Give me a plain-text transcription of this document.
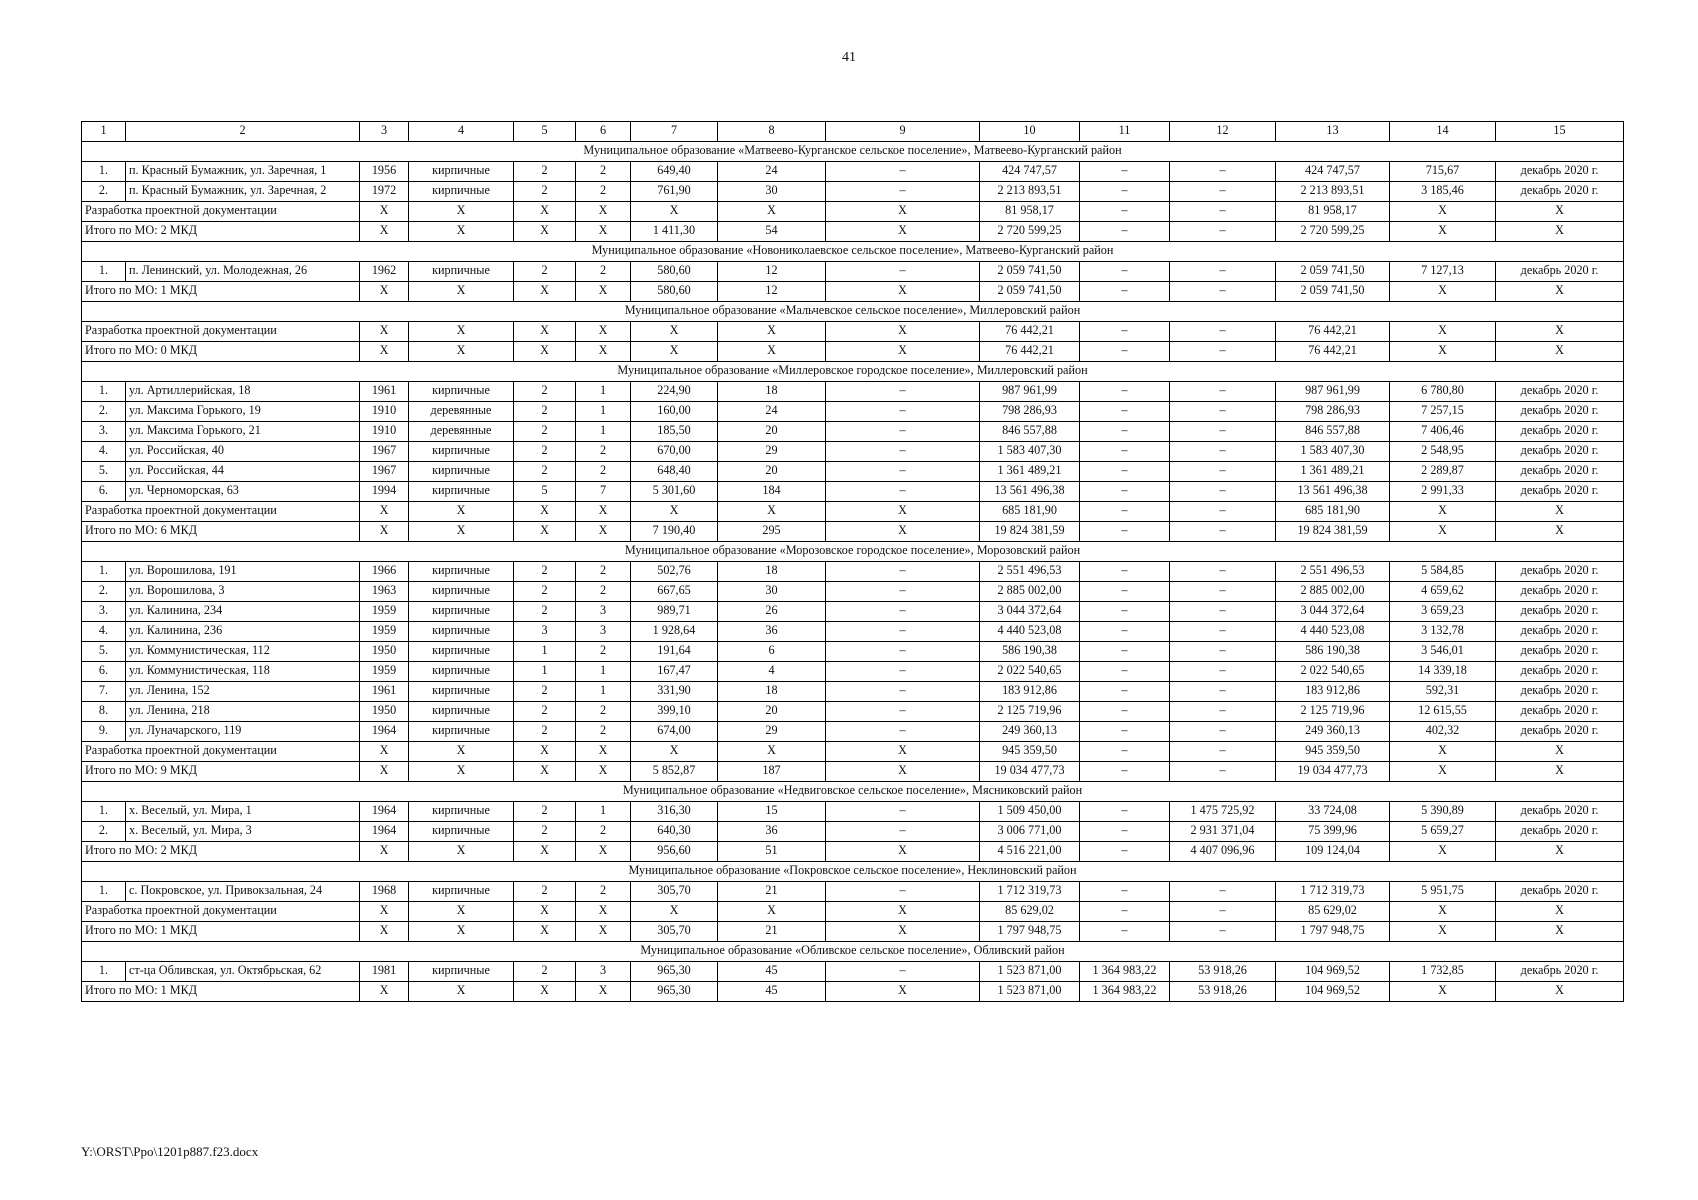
41
1	2	3	4	5	6	7	8	9	10	11	12	13	14	15
Муниципальное образование «Матвеево-Курганское сельское поселение», Матвеево-Курганский район														
1.	п. Красный Бумажник, ул. Заречная, 1	1956	кирпичные	2	2	649,40	24	–	424 747,57	–	–	424 747,57	715,67	декабрь 2020 г.
2.	п. Красный Бумажник, ул. Заречная, 2	1972	кирпичные	2	2	761,90	30	–	2 213 893,51	–	–	2 213 893,51	3 185,46	декабрь 2020 г.
Разработка проектной документации		X	X	X	X	X	X	X	81 958,17	–	–	81 958,17	X	X
Итого по МО: 2 МКД		X	X	X	X	1 411,30	54	X	2 720 599,25	–	–	2 720 599,25	X	X
Муниципальное образование «Новониколаевское сельское поселение», Матвеево-Курганский район														
1.	п. Ленинский, ул. Молодежная, 26	1962	кирпичные	2	2	580,60	12	–	2 059 741,50	–	–	2 059 741,50	7 127,13	декабрь 2020 г.
Итого по МО: 1 МКД		X	X	X	X	580,60	12	X	2 059 741,50	–	–	2 059 741,50	X	X
Муниципальное образование «Мальчевское сельское поселение», Миллеровский район														
Разработка проектной документации		X	X	X	X	X	X	X	76 442,21	–	–	76 442,21	X	X
Итого по МО: 0 МКД		X	X	X	X	X	X	X	76 442,21	–	–	76 442,21	X	X
Муниципальное образование «Миллеровское городское поселение», Миллеровский район														
1.	ул. Артиллерийская, 18	1961	кирпичные	2	1	224,90	18	–	987 961,99	–	–	987 961,99	6 780,80	декабрь 2020 г.
2.	ул. Максима Горького, 19	1910	деревянные	2	1	160,00	24	–	798 286,93	–	–	798 286,93	7 257,15	декабрь 2020 г.
3.	ул. Максима Горького, 21	1910	деревянные	2	1	185,50	20	–	846 557,88	–	–	846 557,88	7 406,46	декабрь 2020 г.
4.	ул. Российская, 40	1967	кирпичные	2	2	670,00	29	–	1 583 407,30	–	–	1 583 407,30	2 548,95	декабрь 2020 г.
5.	ул. Российская, 44	1967	кирпичные	2	2	648,40	20	–	1 361 489,21	–	–	1 361 489,21	2 289,87	декабрь 2020 г.
6.	ул. Черноморская, 63	1994	кирпичные	5	7	5 301,60	184	–	13 561 496,38	–	–	13 561 496,38	2 991,33	декабрь 2020 г.
Разработка проектной документации		X	X	X	X	X	X	X	685 181,90	–	–	685 181,90	X	X
Итого по МО: 6 МКД		X	X	X	X	7 190,40	295	X	19 824 381,59	–	–	19 824 381,59	X	X
Муниципальное образование «Морозовское городское поселение», Морозовский район														
1.	ул. Ворошилова, 191	1966	кирпичные	2	2	502,76	18	–	2 551 496,53	–	–	2 551 496,53	5 584,85	декабрь 2020 г.
2.	ул. Ворошилова, 3	1963	кирпичные	2	2	667,65	30	–	2 885 002,00	–	–	2 885 002,00	4 659,62	декабрь 2020 г.
3.	ул. Калинина, 234	1959	кирпичные	2	3	989,71	26	–	3 044 372,64	–	–	3 044 372,64	3 659,23	декабрь 2020 г.
4.	ул. Калинина, 236	1959	кирпичные	3	3	1 928,64	36	–	4 440 523,08	–	–	4 440 523,08	3 132,78	декабрь 2020 г.
5.	ул. Коммунистическая, 112	1950	кирпичные	1	2	191,64	6	–	586 190,38	–	–	586 190,38	3 546,01	декабрь 2020 г.
6.	ул. Коммунистическая, 118	1959	кирпичные	1	1	167,47	4	–	2 022 540,65	–	–	2 022 540,65	14 339,18	декабрь 2020 г.
7.	ул. Ленина, 152	1961	кирпичные	2	1	331,90	18	–	183 912,86	–	–	183 912,86	592,31	декабрь 2020 г.
8.	ул. Ленина, 218	1950	кирпичные	2	2	399,10	20	–	2 125 719,96	–	–	2 125 719,96	12 615,55	декабрь 2020 г.
9.	ул. Луначарского, 119	1964	кирпичные	2	2	674,00	29	–	249 360,13	–	–	249 360,13	402,32	декабрь 2020 г.
Разработка проектной документации		X	X	X	X	X	X	X	945 359,50	–	–	945 359,50	X	X
Итого по МО: 9 МКД		X	X	X	X	5 852,87	187	X	19 034 477,73	–	–	19 034 477,73	X	X
Муниципальное образование «Недвиговское сельское поселение», Мясниковский район														
1.	х. Веселый, ул. Мира, 1	1964	кирпичные	2	1	316,30	15	–	1 509 450,00	–	1 475 725,92	33 724,08	5 390,89	декабрь 2020 г.
2.	х. Веселый, ул. Мира, 3	1964	кирпичные	2	2	640,30	36	–	3 006 771,00	–	2 931 371,04	75 399,96	5 659,27	декабрь 2020 г.
Итого по МО: 2 МКД		X	X	X	X	956,60	51	X	4 516 221,00	–	4 407 096,96	109 124,04	X	X
Муниципальное образование «Покровское сельское поселение», Неклиновский район														
1.	с. Покровское, ул. Привокзальная, 24	1968	кирпичные	2	2	305,70	21	–	1 712 319,73	–	–	1 712 319,73	5 951,75	декабрь 2020 г.
Разработка проектной документации		X	X	X	X	X	X	X	85 629,02	–	–	85 629,02	X	X
Итого по МО: 1 МКД		X	X	X	X	305,70	21	X	1 797 948,75	–	–	1 797 948,75	X	X
Муниципальное образование «Обливское сельское поселение», Обливский район														
1.	ст-ца Обливская, ул. Октябрьская, 62	1981	кирпичные	2	3	965,30	45	–	1 523 871,00	1 364 983,22	53 918,26	104 969,52	1 732,85	декабрь 2020 г.
Итого по МО: 1 МКД		X	X	X	X	965,30	45	X	1 523 871,00	1 364 983,22	53 918,26	104 969,52	X	X
Y:\ORST\Ppo\1201p887.f23.docx
